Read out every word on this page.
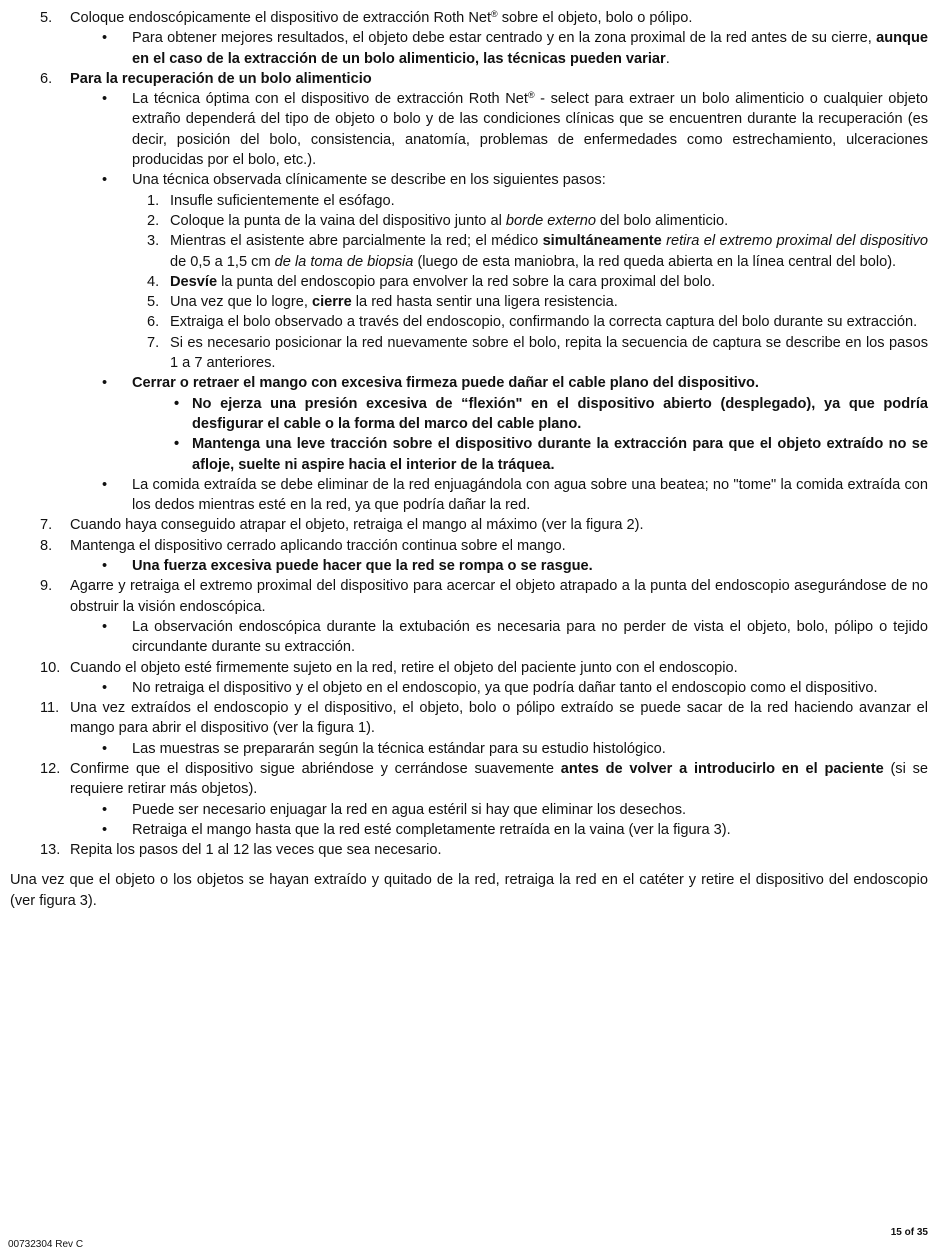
5.	Coloque endoscópicamente el dispositivo de extracción Roth Net® sobre el objeto, bolo o pólipo.
•	Para obtener mejores resultados, el objeto debe estar centrado y en la zona proximal de la red antes de su cierre, aunque en el caso de la extracción de un bolo alimenticio, las técnicas pueden variar.
6.	Para la recuperación de un bolo alimenticio
•	La técnica óptima con el dispositivo de extracción Roth Net® - select para extraer un bolo alimenticio o cualquier objeto extraño dependerá del tipo de objeto o bolo y de las condiciones clínicas que se encuentren durante la recuperación (es decir, posición del bolo, consistencia, anatomía, problemas de enfermedades como estrechamiento, ulceraciones producidas por el bolo, etc.).
•	Una técnica observada clínicamente se describe en los siguientes pasos:
1. Insufle suficientemente el esófago.
2. Coloque la punta de la vaina del dispositivo junto al borde externo del bolo alimenticio.
3. Mientras el asistente abre parcialmente la red; el médico simultáneamente retira el extremo proximal del dispositivo de 0,5 a 1,5 cm de la toma de biopsia (luego de esta maniobra, la red queda abierta en la línea central del bolo).
4. Desvíe la punta del endoscopio para envolver la red sobre la cara proximal del bolo.
5. Una vez que lo logre, cierre la red hasta sentir una ligera resistencia.
6. Extraiga el bolo observado a través del endoscopio, confirmando la correcta captura del bolo durante su extracción.
7. Si es necesario posicionar la red nuevamente sobre el bolo, repita la secuencia de captura se describe en los pasos 1 a 7 anteriores.
•	Cerrar o retraer el mango con excesiva firmeza puede dañar el cable plano del dispositivo.
• No ejerza una presión excesiva de “flexión" en el dispositivo abierto (desplegado), ya que podría desfigurar el cable o la forma del marco del cable plano.
• Mantenga una leve tracción sobre el dispositivo durante la extracción para que el objeto extraído no se afloje, suelte ni aspire hacia el interior de la tráquea.
•	La comida extraída se debe eliminar de la red enjuagándola con agua sobre una beatea; no "tome" la comida extraída con los dedos mientras esté en la red, ya que podría dañar la red.
7.	Cuando haya conseguido atrapar el objeto, retraiga el mango al máximo (ver la figura 2).
8.	Mantenga el dispositivo cerrado aplicando tracción continua sobre el mango.
•	Una fuerza excesiva puede hacer que la red se rompa o se rasgue.
9.	Agarre y retraiga el extremo proximal del dispositivo para acercar el objeto atrapado a la punta del endoscopio asegurándose de no obstruir la visión endoscópica.
•	La observación endoscópica durante la extubación es necesaria para no perder de vista el objeto, bolo, pólipo o tejido circundante durante su extracción.
10. Cuando el objeto esté firmemente sujeto en la red, retire el objeto del paciente junto con el endoscopio.
•	No retraiga el dispositivo y el objeto en el endoscopio, ya que podría dañar tanto el endoscopio como el dispositivo.
11. Una vez extraídos el endoscopio y el dispositivo, el objeto, bolo o pólipo extraído se puede sacar de la red haciendo avanzar el mango para abrir el dispositivo (ver la figura 1).
•	Las muestras se prepararán según la técnica estándar para su estudio histológico.
12. Confirme que el dispositivo sigue abriéndose y cerrándose suavemente antes de volver a introducirlo en el paciente (si se requiere retirar más objetos).
•	Puede ser necesario enjuagar la red en agua estéril si hay que eliminar los desechos.
•	Retraiga el mango hasta que la red esté completamente retraída en la vaina (ver la figura 3).
13. Repita los pasos del 1 al 12 las veces que sea necesario.
Una vez que el objeto o los objetos se hayan extraído y quitado de la red, retraiga la red en el catéter y retire el dispositivo del endoscopio (ver figura 3).
15 of 35
00732304 Rev C
